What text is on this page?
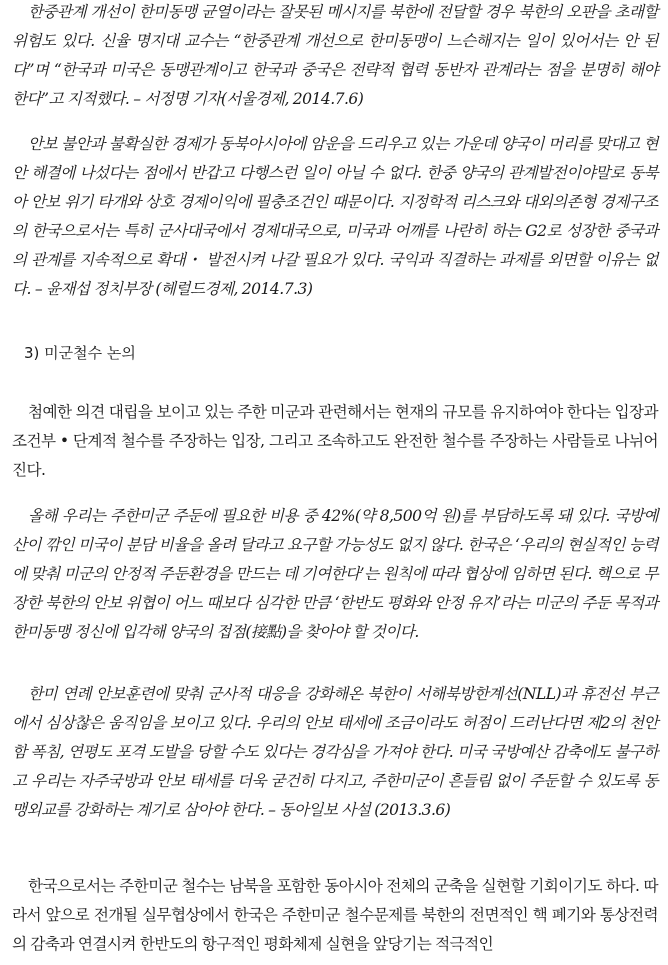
한중관계 개선이 한미동맹 균열이라는 잘못된 메시지를 북한에 전달할 경우 북한의 오판을 초래할 위험도 있다. 신율 명지대 교수는 “한중관계 개선으로 한미동맹이 느슨해지는 일이 있어서는 안 된다”며 “한국과 미국은 동맹관계이고 한국과 중국은 전략적 협력 동반자 관계라는 점을 분명히 해야 한다”고 지적했다. – 서정명 기자(서울경제, 2014.7.6)

안보 불안과 불확실한 경제가 동북아시아에 암운을 드리우고 있는 가운데 양국이 머리를 맞대고 현안 해결에 나섰다는 점에서 반갑고 다행스런 일이 아닐 수 없다. 한중 양국의 관계발전이야말로 동북아 안보 위기 타개와 상호 경제이익에 필충조건인 때문이다. 지정학적 리스크와 대외의존형 경제구조의 한국으로서는 특히 군사대국에서 경제대국으로, 미국과 어깨를 나란히 하는 G2로 성장한 중국과의 관계를 지속적으로 확대・ 발전시켜 나갈 필요가 있다. 국익과 직결하는 과제를 외면할 이유는 없다. – 윤재섭 정치부장 (헤럴드경제, 2014.7.3)

3) 미군철수 논의

첨예한 의견 대립을 보이고 있는 주한 미군과 관련해서는 현재의 규모를 유지하여야 한다는 입장과 조건부 • 단계적 철수를 주장하는 입장, 그리고 조속하고도 완전한 철수를 주장하는 사람들로 나뉘어 진다.

올해 우리는 주한미군 주둔에 필요한 비용 중 42%(약 8,500억 원)를 부담하도록 돼 있다. 국방예산이 깎인 미국이 분담 비율을 올려 달라고 요구할 가능성도 없지 않다. 한국은 ‘우리의 현실적인 능력에 맞춰 미군의 안정적 주둔환경을 만드는 데 기여한다’는 원칙에 따라 협상에 임하면 된다. 핵으로 무장한 북한의 안보 위협이 어느 때보다 심각한 만큼 ‘한반도 평화와 안정 유지’라는 미군의 주둔 목적과 한미동맹 정신에 입각해 양국의 접점(接點)을 찾아야 할 것이다.

한미 연례 안보훈련에 맞춰 군사적 대응을 강화해온 북한이 서해북방한계선(NLL)과 휴전선 부근에서 심상찮은 움직임을 보이고 있다. 우리의 안보 태세에 조금이라도 허점이 드러난다면 제2의 천안함 폭침, 연평도 포격 도발을 당할 수도 있다는 경각심을 가져야 한다. 미국 국방예산 감축에도 불구하고 우리는 자주국방과 안보 태세를 더욱 굳건히 다지고, 주한미군이 흔들림 없이 주둔할 수 있도록 동맹외교를 강화하는 계기로 삼아야 한다. – 동아일보 사설 (2013.3.6)

한국으로서는 주한미군 철수는 남북을 포함한 동아시아 전체의 군축을 실현할 기회이기도 하다. 따라서 앞으로 전개될 실무협상에서 한국은 주한미군 철수문제를 북한의 전면적인 핵 폐기와 통상전력의 감축과 연결시켜 한반도의 항구적인 평화체제 실현을 앞당기는 적극적인
